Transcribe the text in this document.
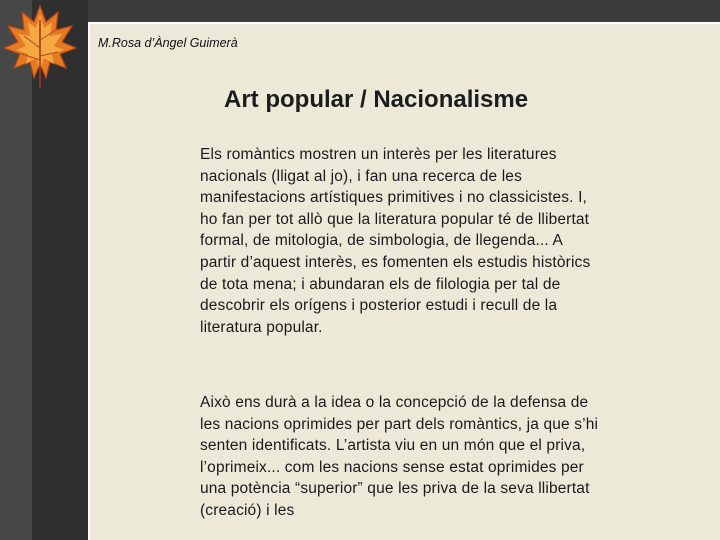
M.Rosa d’Àngel Guimerà
Art popular / Nacionalisme

Els romàntics mostren un interès per les literatures nacionals (lligat al jo), i fan una recerca de les manifestacions artístiques primitives i no classicistes. I, ho fan per tot allò que la literatura popular té de llibertat formal, de mitologia, de simbologia, de llegenda... A partir d’aquest interès, es fomenten els estudis històrics de tota mena; i abundaran els de filologia per tal de descobrir els orígens i posterior estudi i recull de la literatura popular.

Això ens durà a la idea o la concepció de la defensa de les nacions oprimides per part dels romàntics, ja que s’hi senten identificats. L’artista viu en un món que el priva, l’oprimeix... com les nacions sense estat oprimides per una potència “superior” que les priva de la seva llibertat (creació) i les
